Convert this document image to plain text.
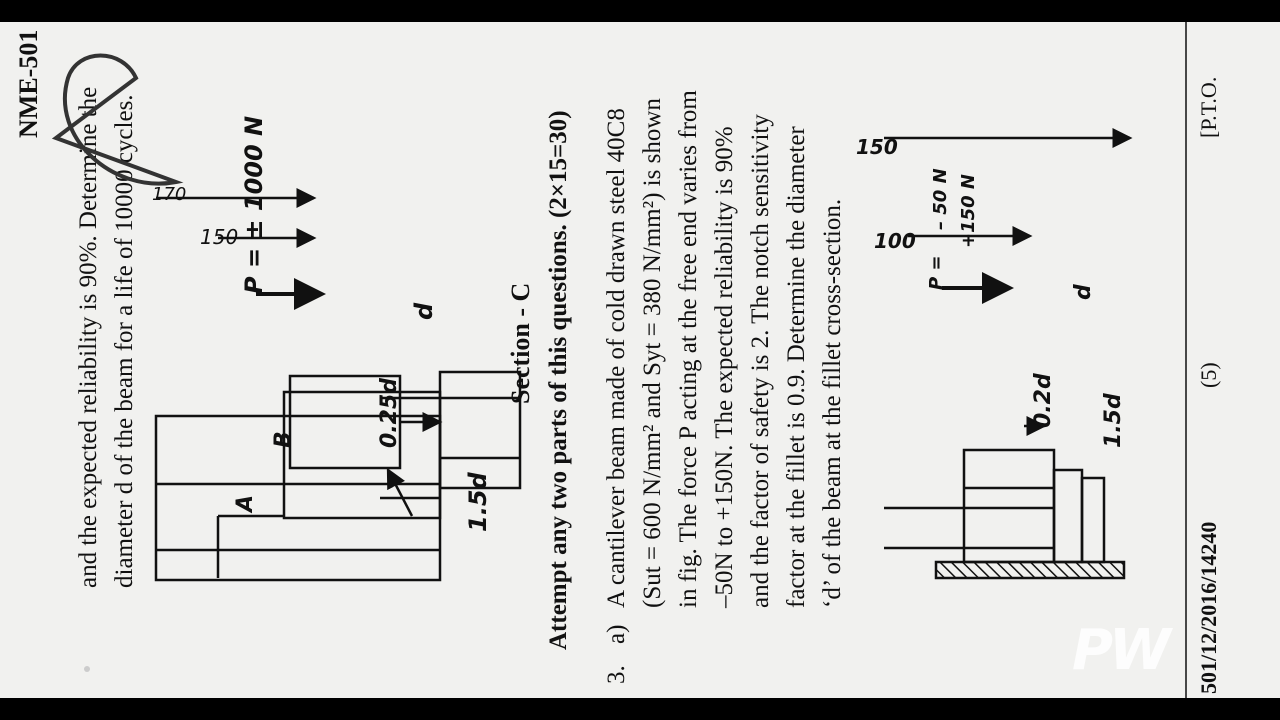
NME-501
and the expected reliability is 90%. Determine the diameter d of the beam for a life of 10000 cycles.	Section - C Attempt any two parts of this questions. (2×15=30)
3.
a)
A cantilever beam made of cold drawn steel 40C8 (Sut = 600 N/mm² and Syt = 380 N/mm²) is shown in fig. The force P acting at the free end varies from –50N to +150N. The expected reliability is 90% and the factor of safety is 2. The notch sensitivity factor at the fillet is 0.9. Determine the diameter ‘d’ of the beam at the fillet cross-section.	501/12/2016/14240
(5)
[P.T.O.
170
150
A
B	0.25d
1.5d
d
P = ± 1000 N	150
100
0.2d 1.5d
d
P =
– 50 N +150 N
PW
